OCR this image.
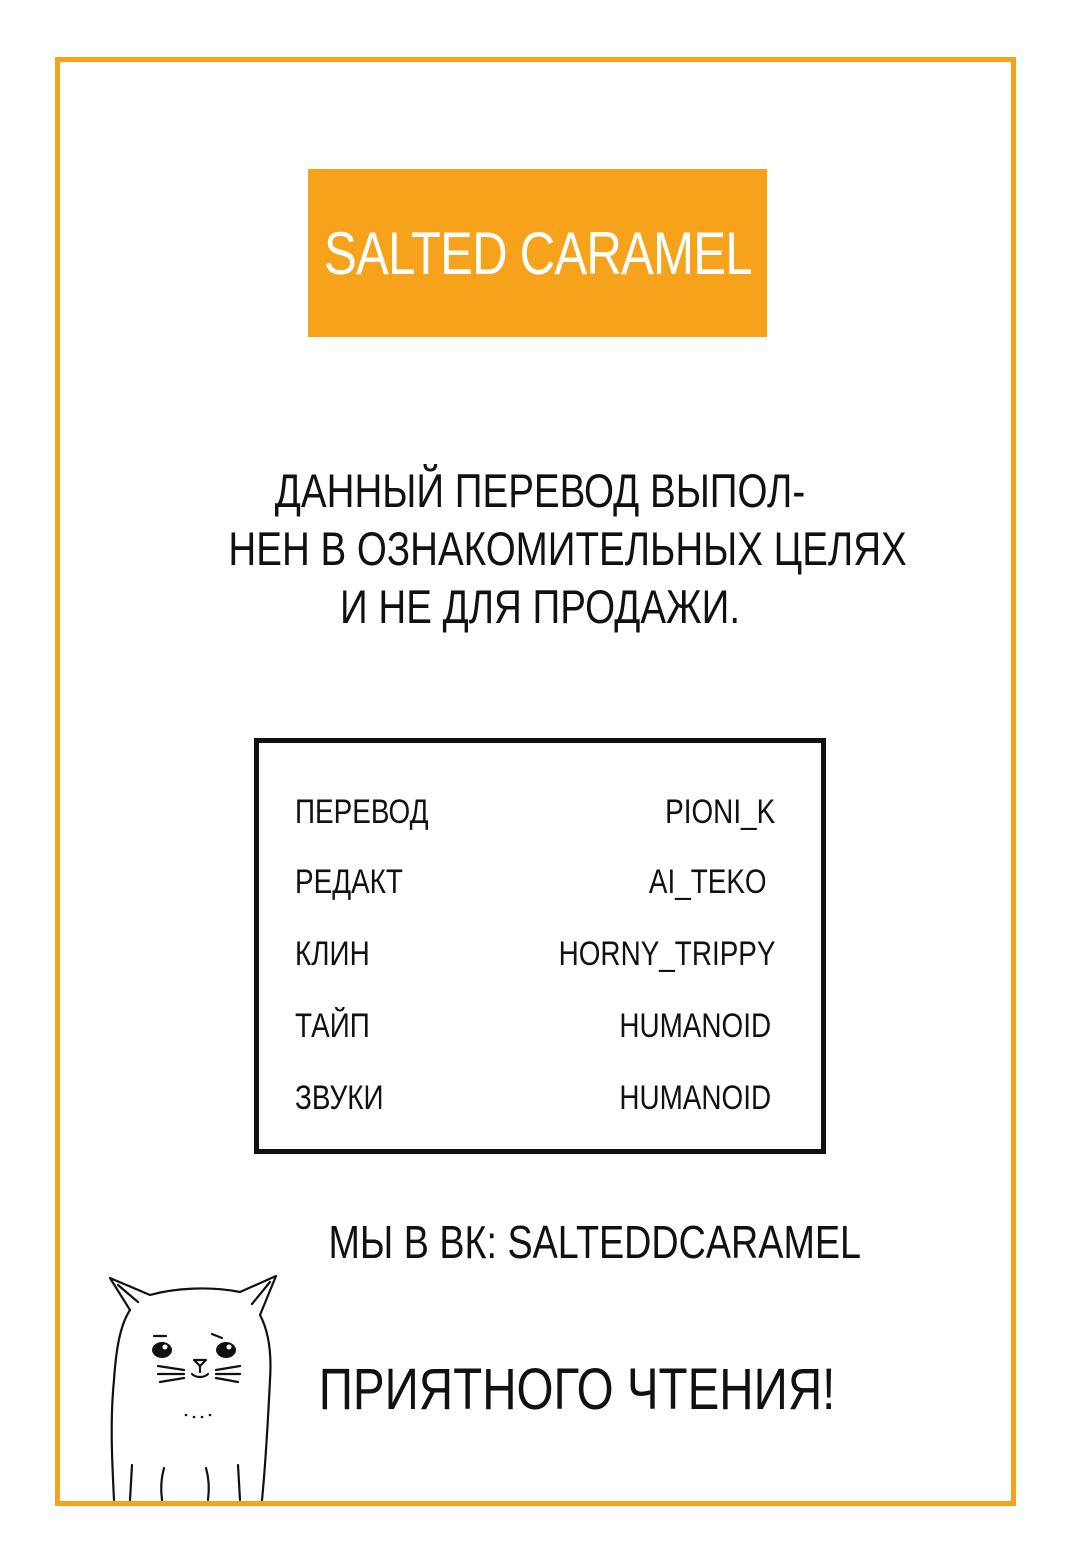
SALTED CARAMEL
ДАННЫЙ ПЕРЕВОД ВЫПОЛ-
НЕН В ОЗНАКОМИТЕЛЬНЫХ ЦЕЛЯХ
И НЕ ДЛЯ ПРОДАЖИ.
ПЕРЕВОД	PIONI_K
РЕДАКТ	AI_TEKO
КЛИН	HORNY_TRIPPY
ТАЙП	HUMANOID
ЗВУКИ	HUMANOID
МЫ В ВК: SALTEDDCARAMEL
ПРИЯТНОГО ЧТЕНИЯ!
